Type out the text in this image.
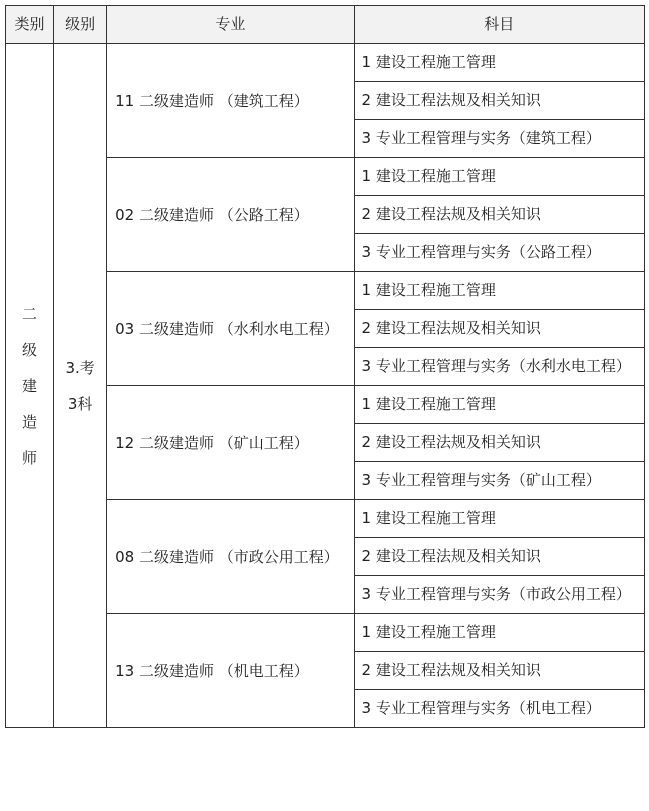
类别	级别	专业	科目
二级建造师	3.考3科	11 二级建造师 （建筑工程）	1 建设工程施工管理
			2 建设工程法规及相关知识
			3 专业工程管理与实务（建筑工程）
		02 二级建造师 （公路工程）	1 建设工程施工管理
			2 建设工程法规及相关知识
			3 专业工程管理与实务（公路工程）
		03 二级建造师 （水利水电工程）	1 建设工程施工管理
			2 建设工程法规及相关知识
			3 专业工程管理与实务（水利水电工程）
		12 二级建造师 （矿山工程）	1 建设工程施工管理
			2 建设工程法规及相关知识
			3 专业工程管理与实务（矿山工程）
		08 二级建造师 （市政公用工程）	1 建设工程施工管理
			2 建设工程法规及相关知识
			3 专业工程管理与实务（市政公用工程）
		13 二级建造师 （机电工程）	1 建设工程施工管理
			2 建设工程法规及相关知识
			3 专业工程管理与实务（机电工程）
